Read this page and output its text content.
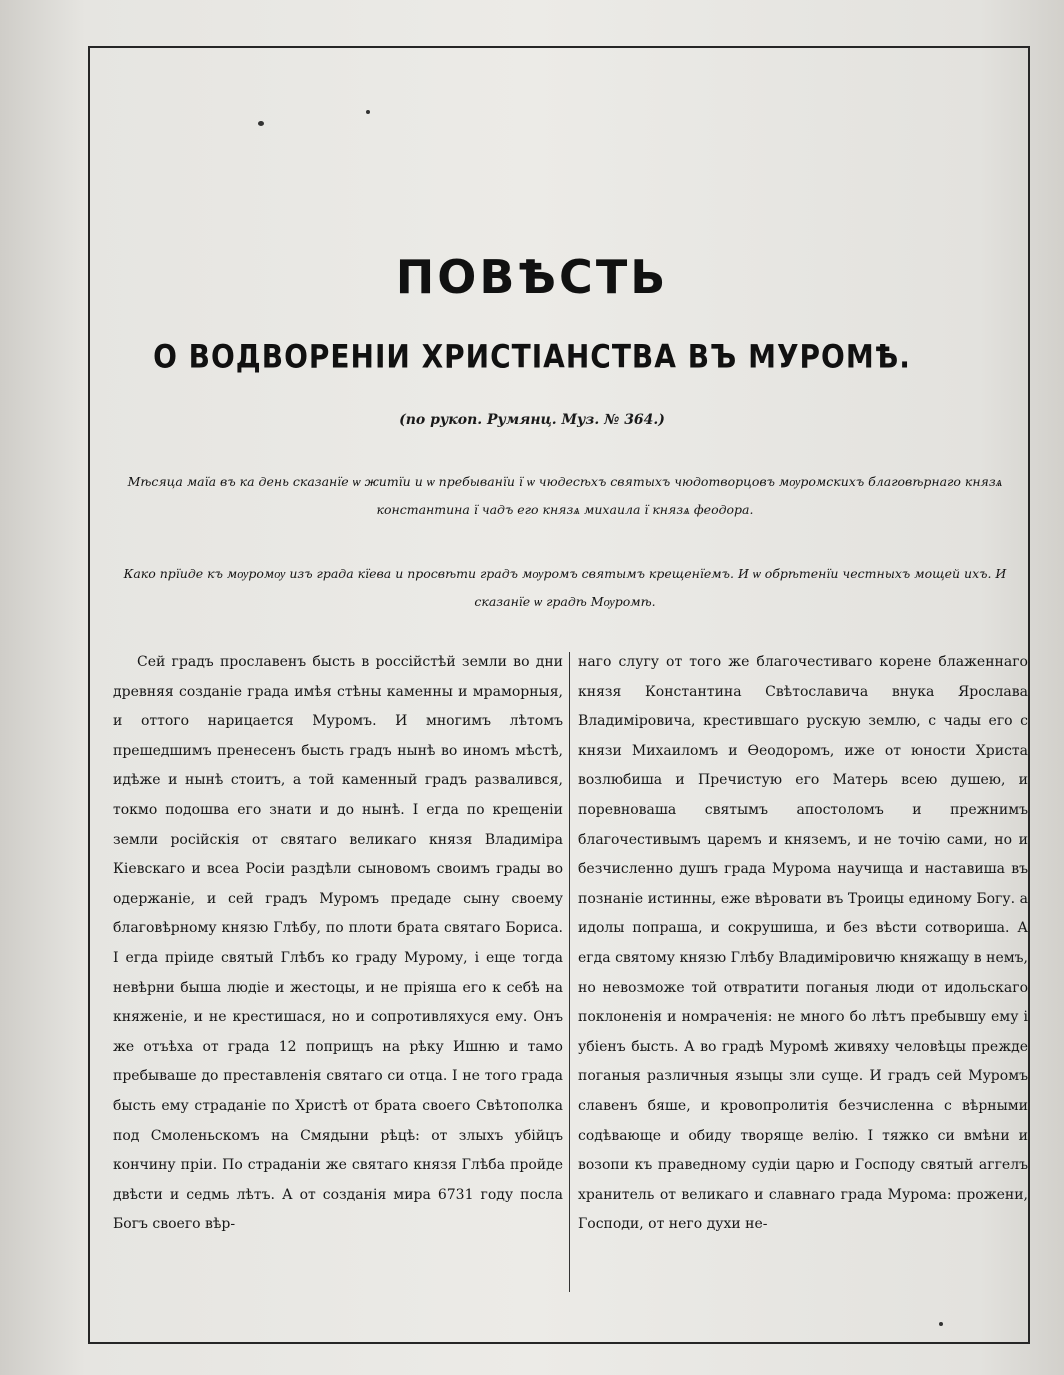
ПОВѢСТЬ
О ВОДВОРЕНІИ ХРИСТІАНСТВА ВЪ МУРОМѢ.
(по рукоп. Румянц. Муз. № 364.)
Мѣсяца маїа въ ка день сказанїе ѡ житїи и ѡ пребыванїи ї ѡ чюдесѣхъ святыхъ чюдотворцовъ мѹромскихъ благовѣрнаго князѧ константина ї чадъ его князѧ михаила ї князѧ феодора.
Како прїиде къ мѹромѹ изъ града кїева и просвѣти градъ мѹромъ святымъ крещенїемъ. И ѡ обрѣтенїи честныхъ мощей ихъ. И сказанїе ѡ градѣ Мѹромѣ.
Сей градъ прославенъ бысть в россійстѣй земли во дни древняя созданіе града имѣя стѣны каменны и мраморныя, и оттого нарицается Муромъ. И многимъ лѣтомъ прешедшимъ пренесенъ бысть градъ нынѣ во иномъ мѣстѣ, идѣже и нынѣ стоитъ, а той каменный градъ развалився, токмо подошва его знати и до нынѣ. І егда по крещеніи земли російскія от святаго великаго князя Владиміра Кіевскаго и всеа Росіи раздѣли сыновомъ своимъ грады во одержаніе, и сей градъ Муромъ предаде сыну своему благовѣрному князю Глѣбу, по плоти брата святаго Бориса. І егда пріиде святый Глѣбъ ко граду Мурому, і еще тогда невѣрни быша людіе и жестоцы, и не пріяша его к себѣ на княженіе, и не крестишася, но и сопротивляхуся ему. Онъ же отъѣха от града 12 поприщъ на рѣку Ишню и тамо пребываше до преставленія святаго си отца. І не того града бысть ему страданіе по Христѣ от брата своего Свѣтополка под Смоленьскомъ на Смядыни рѣцѣ: от злыхъ убійцъ кончину пріи. По страданіи же святаго князя Глѣба пройде двѣсти и седмь лѣтъ. А от созданія мира 6731 году посла Богъ своего вѣр-
наго слугу от того же благочестиваго корене блаженнаго князя Константина Свѣтославича внука Ярослава Владиміровича, крестившаго рускую землю, с чады его с князи Михаиломъ и Ѳеодоромъ, иже от юности Христа возлюбиша и Пречистую его Матерь всею душею, и поревноваша святымъ апостоломъ и прежнимъ благочестивымъ царемъ и княземъ, и не точію сами, но и безчисленно душъ града Мурома научища и наставиша въ познаніе истинны, еже вѣровати въ Троицы единому Богу. а идолы попраша, и сокрушиша, и без вѣсти сотвориша. А егда святому князю Глѣбу Владиміровичю княжащу в немъ, но невозможе той отвратити поганыя люди от идольскаго поклоненія и номраченія: не много бо лѣтъ пребывшу ему і убіенъ бысть. А во градѣ Муромѣ живяху человѣцы прежде поганыя различныя языцы зли суще. И градъ сей Муромъ славенъ бяше, и кровопролитія безчисленна с вѣрными содѣвающе и обиду творяще велію. І тяжко си вмѣни и возопи къ праведному судіи царю и Господу святый аггелъ хранитель от великаго и славнаго града Мурома: прожени, Господи, от него духи не-
